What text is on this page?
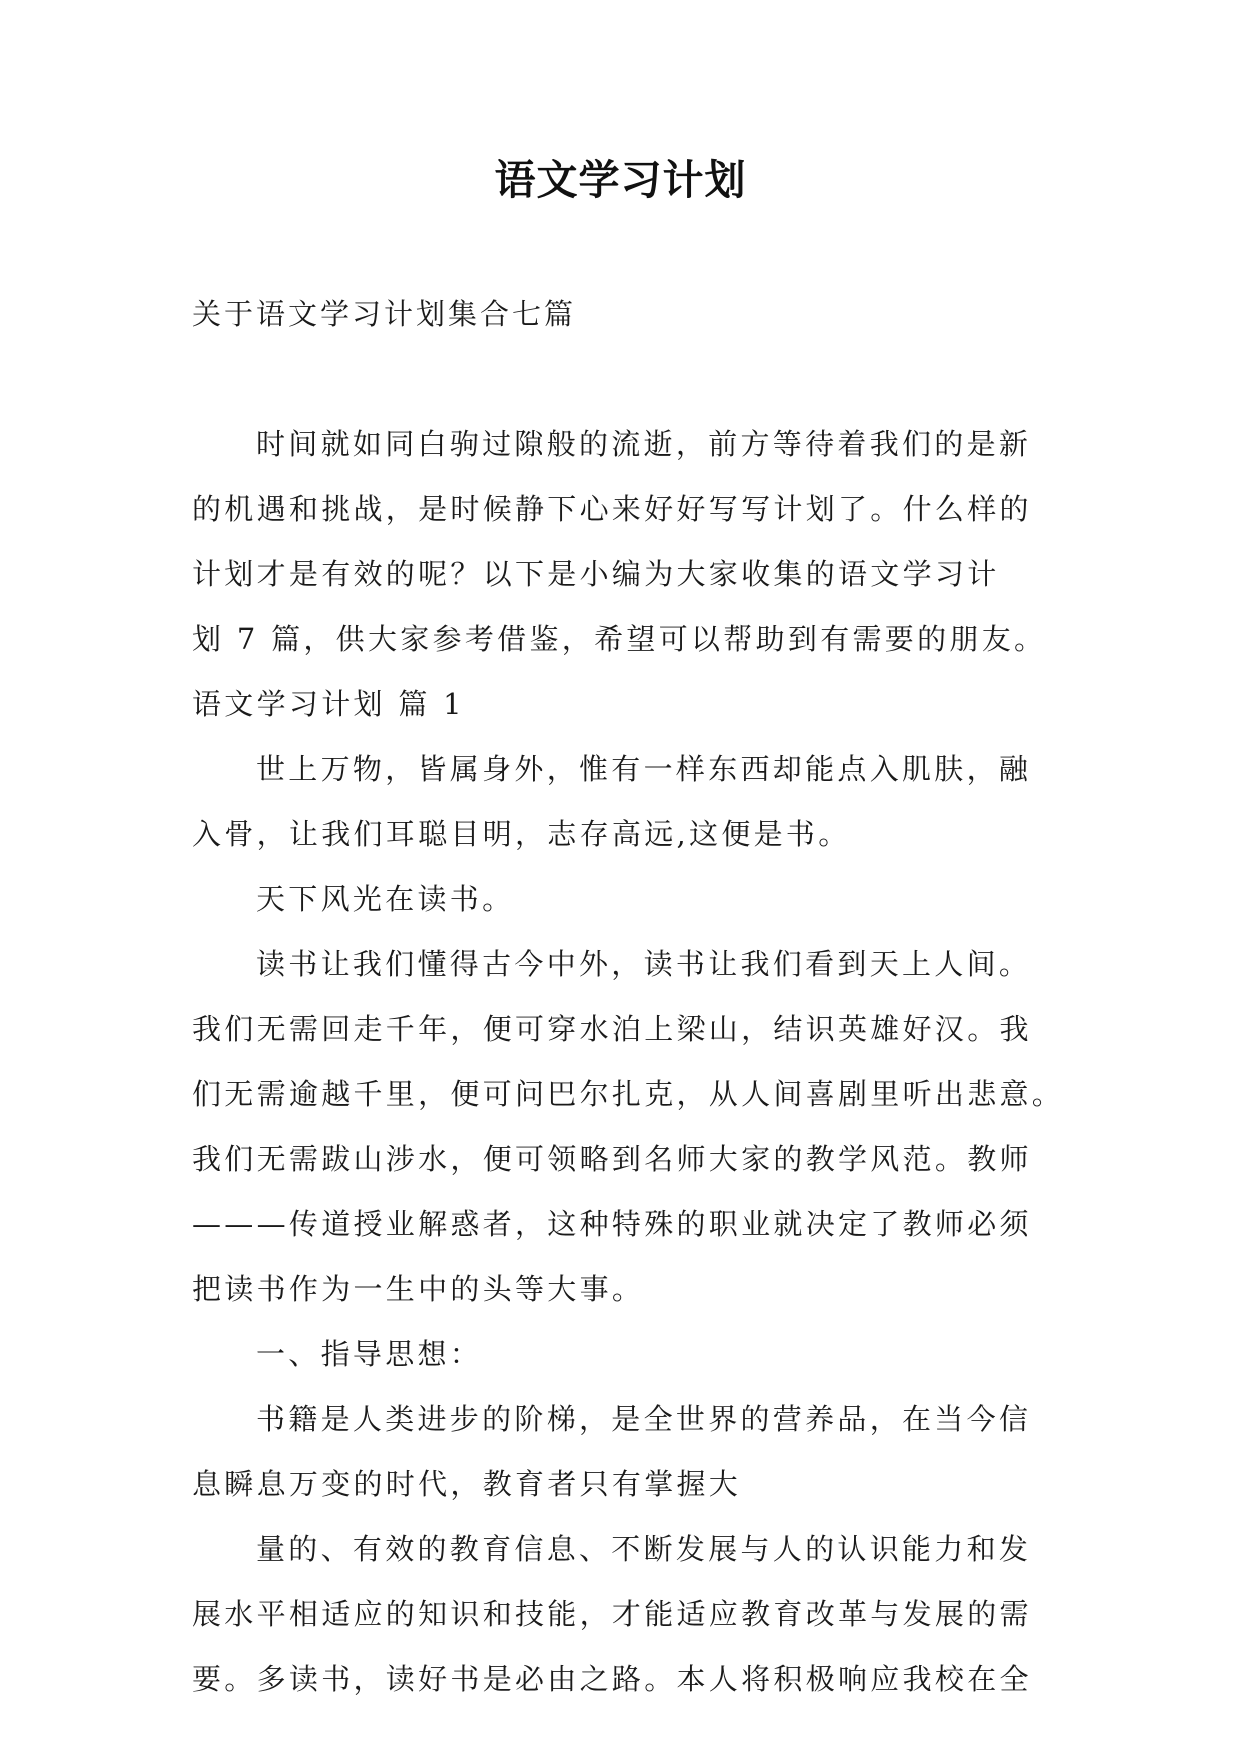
语文学习计划
关于语文学习计划集合七篇
时间就如同白驹过隙般的流逝，前方等待着我们的是新
的机遇和挑战，是时候静下心来好好写写计划了。什么样的
计划才是有效的呢？以下是小编为大家收集的语文学习计
划 7 篇，供大家参考借鉴，希望可以帮助到有需要的朋友。
语文学习计划 篇 1
世上万物，皆属身外，惟有一样东西却能点入肌肤，融
入骨，让我们耳聪目明，志存高远,这便是书。
天下风光在读书。
读书让我们懂得古今中外，读书让我们看到天上人间。
我们无需回走千年，便可穿水泊上梁山，结识英雄好汉。我
们无需逾越千里，便可问巴尔扎克，从人间喜剧里听出悲意。
我们无需跋山涉水，便可领略到名师大家的教学风范。教师
———传道授业解惑者，这种特殊的职业就决定了教师必须
把读书作为一生中的头等大事。
一、指导思想：
书籍是人类进步的阶梯，是全世界的营养品，在当今信
息瞬息万变的时代，教育者只有掌握大
量的、有效的教育信息、不断发展与人的认识能力和发
展水平相适应的知识和技能，才能适应教育改革与发展的需
要。多读书，读好书是必由之路。本人将积极响应我校在全
